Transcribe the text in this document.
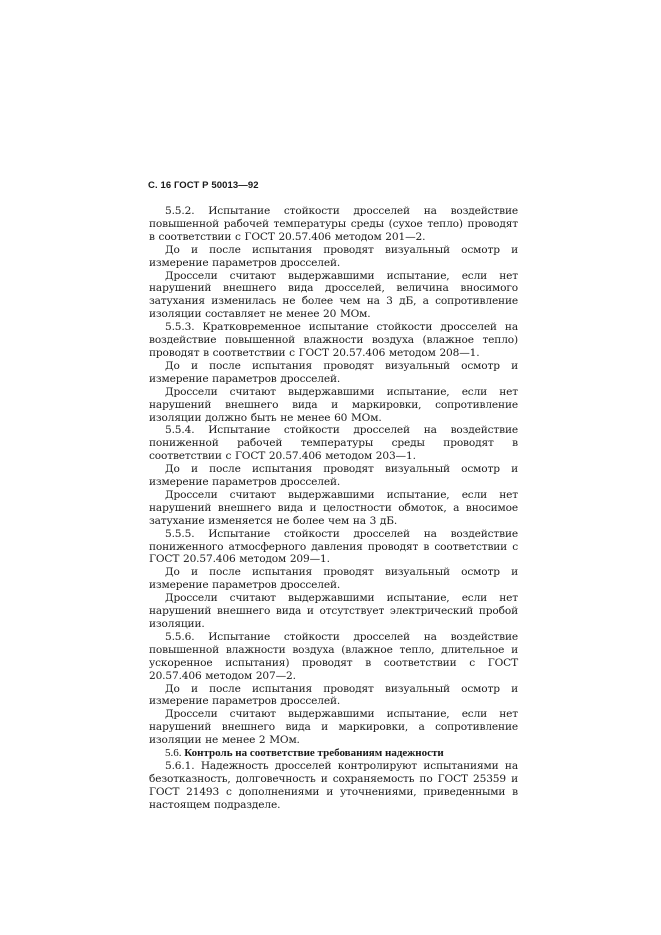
С. 16 ГОСТ Р 50013—92

5.5.2. Испытание стойкости дросселей на воздействие повышенной рабочей температуры среды (сухое тепло) проводят в соответствии с ГОСТ 20.57.406 методом 201—2.

До и после испытания проводят визуальный осмотр и измерение параметров дросселей.

Дроссели считают выдержавшими испытание, если нет нарушений внешнего вида дросселей, величина вносимого затухания изменилась не более чем на 3 дБ, а сопротивление изоляции составляет не менее 20 МОм.

5.5.3. Кратковременное испытание стойкости дросселей на воздействие повышенной влажности воздуха (влажное тепло) проводят в соответствии с ГОСТ 20.57.406 методом 208—1.

До и после испытания проводят визуальный осмотр и измерение параметров дросселей.

Дроссели считают выдержавшими испытание, если нет нарушений внешнего вида и маркировки, сопротивление изоляции должно быть не менее 60 МОм.

5.5.4. Испытание стойкости дросселей на воздействие пониженной рабочей температуры среды проводят в соответствии с ГОСТ 20.57.406 методом 203—1.

До и после испытания проводят визуальный осмотр и измерение параметров дросселей.

Дроссели считают выдержавшими испытание, если нет нарушений внешнего вида и целостности обмоток, а вносимое затухание изменяется не более чем на 3 дБ.

5.5.5. Испытание стойкости дросселей на воздействие пониженного атмосферного давления проводят в соответствии с ГОСТ 20.57.406 методом 209—1.

До и после испытания проводят визуальный осмотр и измерение параметров дросселей.

Дроссели считают выдержавшими испытание, если нет нарушений внешнего вида и отсутствует электрический пробой изоляции.

5.5.6. Испытание стойкости дросселей на воздействие повышенной влажности воздуха (влажное тепло, длительное и ускоренное испытания) проводят в соответствии с ГОСТ 20.57.406 методом 207—2.

До и после испытания проводят визуальный осмотр и измерение параметров дросселей.

Дроссели считают выдержавшими испытание, если нет нарушений внешнего вида и маркировки, а сопротивление изоляции не менее 2 МОм.

5.6. Контроль на соответствие требованиям надежности

5.6.1. Надежность дросселей контролируют испытаниями на безотказность, долговечность и сохраняемость по ГОСТ 25359 и ГОСТ 21493 с дополнениями и уточнениями, приведенными в настоящем подразделе.
